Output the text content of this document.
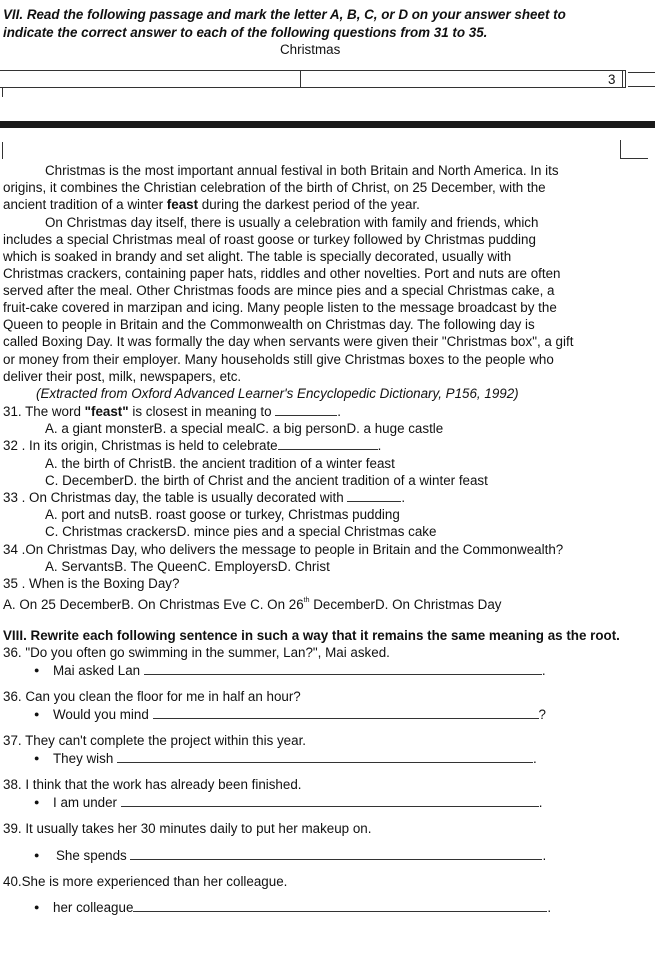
VII. Read the following passage and mark the letter A, B, C, or D on your answer sheet to
indicate the correct answer to each of the following questions from 31 to 35.
Christmas
3
Christmas is the most important annual festival in both Britain and North America. In its
origins, it combines the Christian celebration of the birth of Christ, on 25 December, with the
ancient tradition of a winter feast during the darkest period of the year.
On Christmas day itself, there is usually a celebration with family and friends, which
includes a special Christmas meal of roast goose or turkey followed by Christmas pudding
which is soaked in brandy and set alight. The table is specially decorated, usually with
Christmas crackers, containing paper hats, riddles and other novelties. Port and nuts are often
served after the meal. Other Christmas foods are mince pies and a special Christmas cake, a
fruit-cake covered in marzipan and icing. Many people listen to the message broadcast by the
Queen to people in Britain and the Commonwealth on Christmas day. The following day is
called Boxing Day. It was formally the day when servants were given their "Christmas box", a gift
or money from their employer. Many households still give Christmas boxes to the people who
deliver their post, milk, newspapers, etc.
(Extracted from Oxford Advanced Learner's Encyclopedic Dictionary, P156, 1992)
31. The word "feast" is closest in meaning to	.
A. a giant monsterB. a special mealC. a big personD. a huge castle
32 . In its origin, Christmas is held to celebrate	.
A. the birth of ChristB. the ancient tradition of a winter feast
C. DecemberD. the birth of Christ and the ancient tradition of a winter feast
33 . On Christmas day, the table is usually decorated with	.
A. port and nutsB. roast goose or turkey, Christmas pudding
C. Christmas crackersD. mince pies and a special Christmas cake
34 .On Christmas Day, who delivers the message to people in Britain and the Commonwealth?
A. ServantsB. The QueenC. EmployersD. Christ
35 . When is the Boxing Day?
A. On 25 DecemberB. On Christmas Eve C. On 26th DecemberD. On Christmas Day
VIII. Rewrite each following sentence in such a way that it remains the same meaning as the root.
36. "Do you often go swimming in the summer, Lan?", Mai asked.
● Mai asked Lan	.
36. Can you clean the floor for me in half an hour?
● Would you mind	?
37. They can't complete the project within this year.
● They wish	.
38. I think that the work has already been finished.
● I am under	.
39. It usually takes her 30 minutes daily to put her makeup on.
● She spends	.
40.She is more experienced than her colleague.
● her colleague	.
